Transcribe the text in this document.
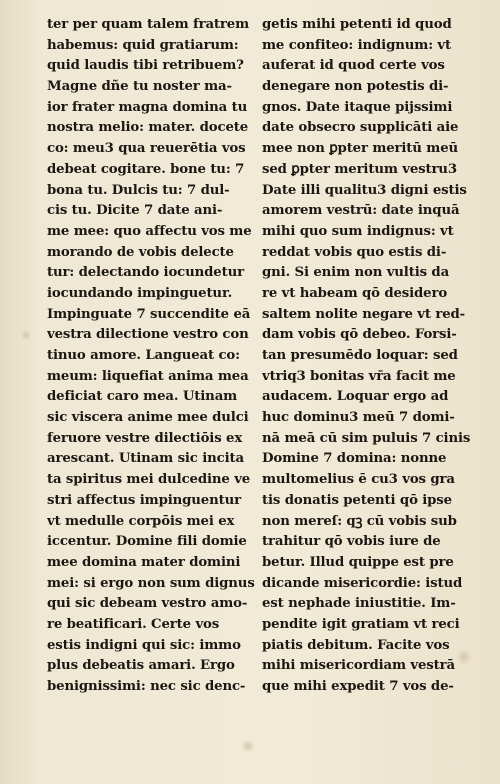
ter per quam talem fratrem
habemus: quid gratiarum:
quid laudis tibi retribuem?
Magne dñe tu noster ma-
ior frater magna domina tu
nostra melio: mater. docete
co: meu3 qua reuerētia vos
debeat cogitare. bone tu: 7
bona tu. Dulcis tu: 7 dul-
cis tu. Dicite 7 date ani-
me mee: quo affectu vos me
morando de vobis delecte
tur: delectando iocundetur
iocundando impinguetur.
Impinguate 7 succendite eā
vestra dilectione vestro con
tinuo amore. Langueat co:
meum: liquefiat anima mea
deficiat caro mea. Utinam
sic viscera anime mee dulci
feruore vestre dilectiōis ex
arescant. Utinam sic incita
ta spiritus mei dulcedine ve
stri affectus impinguentur
vt medulle corpōis mei ex
iccentur. Domine fili domie
mee domina mater domini
mei: si ergo non sum dignus
qui sic debeam vestro amo-
re beatificari. Certe vos
estis indigni qui sic: immo
plus debeatis amari. Ergo
benignissimi: nec sic denc-
getis mihi petenti id quod
me confiteo: indignum: vt
auferat id quod certe vos
denegare non potestis di-
gnos. Date itaque pijssimi
date obsecro supplicāti aie
mee non ꝑpter meritū meū
sed ꝑpter meritum vestru3
Date illi qualitu3 digni estis
amorem vestrū: date inquā
mihi quo sum indignus: vt
reddat vobis quo estis di-
gni. Si enim non vultis da
re vt habeam qō desidero
saltem nolite negare vt red-
dam vobis qō debeo. Forsi-
tan presumēdo loquar: sed
vtriq3 bonitas vr̄a facit me
audacem. Loquar ergo ad
huc dominu3 meū 7 domi-
nā meā cū sim puluis 7 cinis
Domine 7 domina: nonne
multomelius ē cu3 vos gra
tis donatis petenti qō ipse
non mereſ: qꝫ cū vobis sub
trahitur qō vobis iure de
betur. Illud quippe est pre
dicande misericordie: istud
est nephade iniustitie. Im-
pendite igit gratiam vt reci
piatis debitum. Facite vos
mihi misericordiam vestrā
que mihi expedit 7 vos de-
